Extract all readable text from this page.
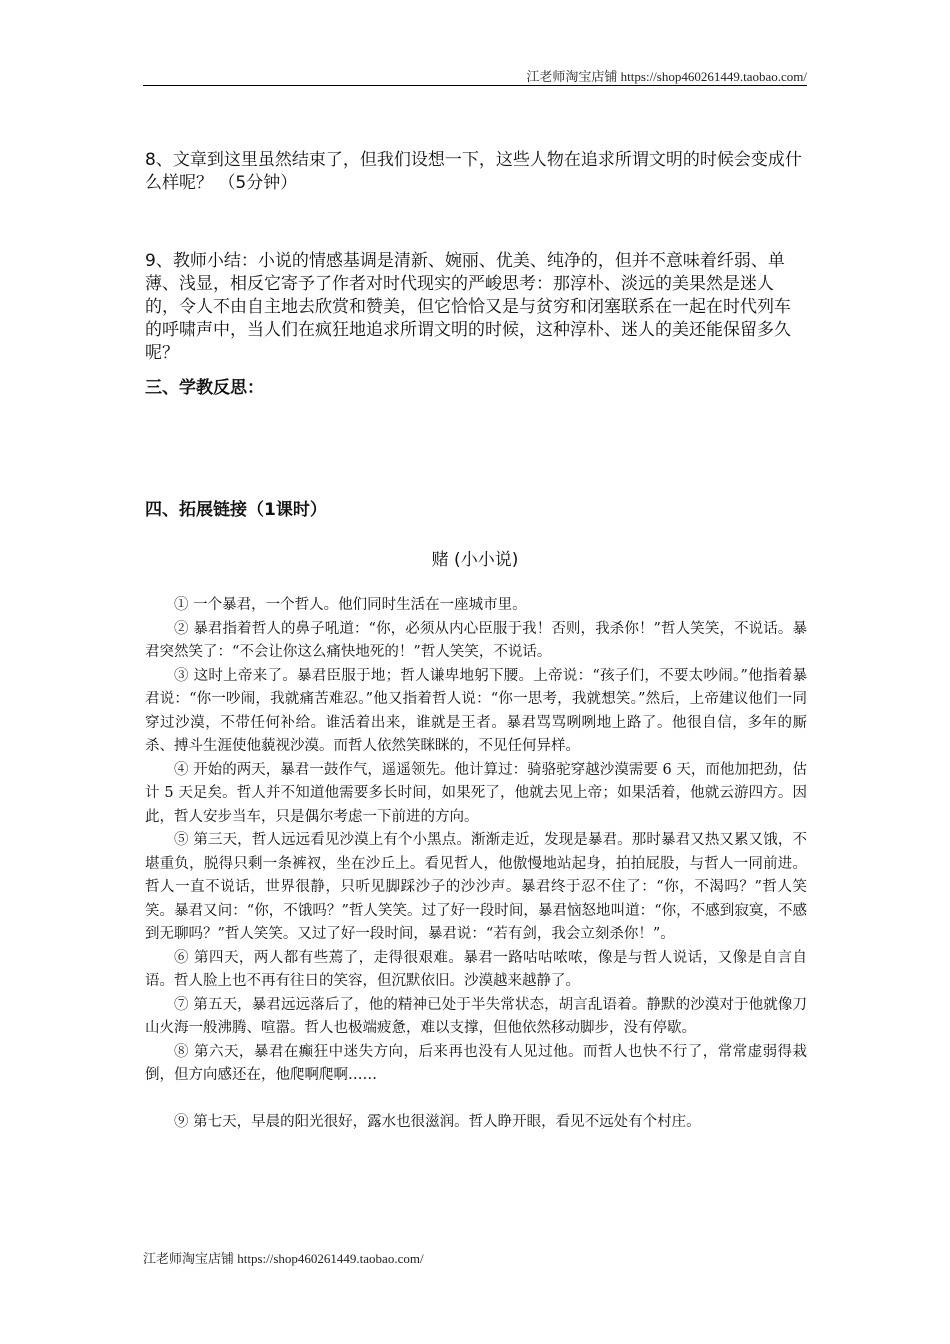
江老师淘宝店铺 https://shop460261449.taobao.com/
8、文章到这里虽然结束了，但我们设想一下，这些人物在追求所谓文明的时候会变成什么样呢？ （5分钟）
9、教师小结：小说的情感基调是清新、婉丽、优美、纯净的，但并不意味着纤弱、单薄、浅显，相反它寄予了作者对时代现实的严峻思考：那淳朴、淡远的美果然是迷人的，令人不由自主地去欣赏和赞美，但它恰恰又是与贫穷和闭塞联系在一起在时代列车的呼啸声中，当人们在疯狂地追求所谓文明的时候，这种淳朴、迷人的美还能保留多久呢？
三、学教反思：
四、拓展链接（1课时）
赌 (小小说)

① 一个暴君，一个哲人。他们同时生活在一座城市里。

② 暴君指着哲人的鼻子吼道：“你，必须从内心臣服于我！否则，我杀你！”哲人笑笑，不说话。暴君突然笑了：“不会让你这么痛快地死的！”哲人笑笑，不说话。

③ 这时上帝来了。暴君臣服于地；哲人谦卑地躬下腰。上帝说：“孩子们，不要太吵闹。”他指着暴君说：“你一吵闹，我就痛苦难忍。”他又指着哲人说：“你一思考，我就想笑。”然后，上帝建议他们一同穿过沙漠，不带任何补给。谁活着出来，谁就是王者。暴君骂骂咧咧地上路了。他很自信，多年的厮杀、搏斗生涯使他藐视沙漠。而哲人依然笑眯眯的，不见任何异样。

④ 开始的两天，暴君一鼓作气，遥遥领先。他计算过：骑骆驼穿越沙漠需要 6 天，而他加把劲，估计 5 天足矣。哲人并不知道他需要多长时间，如果死了，他就去见上帝；如果活着，他就云游四方。因此，哲人安步当车，只是偶尔考虑一下前进的方向。

⑤ 第三天，哲人远远看见沙漠上有个小黑点。渐渐走近，发现是暴君。那时暴君又热又累又饿，不堪重负，脱得只剩一条裤衩，坐在沙丘上。看见哲人，他傲慢地站起身，拍拍屁股，与哲人一同前进。哲人一直不说话，世界很静，只听见脚踩沙子的沙沙声。暴君终于忍不住了：“你，不渴吗？”哲人笑笑。暴君又问：“你，不饿吗？”哲人笑笑。过了好一段时间，暴君恼怒地叫道：“你，不感到寂寞，不感到无聊吗？”哲人笑笑。又过了好一段时间，暴君说：“若有剑，我会立刻杀你！”。

⑥ 第四天，两人都有些蔫了，走得很艰难。暴君一路咕咕哝哝，像是与哲人说话，又像是自言自语。哲人脸上也不再有往日的笑容，但沉默依旧。沙漠越来越静了。

⑦ 第五天，暴君远远落后了，他的精神已处于半失常状态，胡言乱语着。静默的沙漠对于他就像刀山火海一般沸腾、喧嚣。哲人也极端疲惫，难以支撑，但他依然移动脚步，没有停歇。

⑧ 第六天，暴君在癫狂中迷失方向，后来再也没有人见过他。而哲人也快不行了，常常虚弱得栽倒，但方向感还在，他爬啊爬啊……

⑨ 第七天，早晨的阳光很好，露水也很滋润。哲人睁开眼，看见不远处有个村庄。

江老师淘宝店铺 https://shop460261449.taobao.com/
